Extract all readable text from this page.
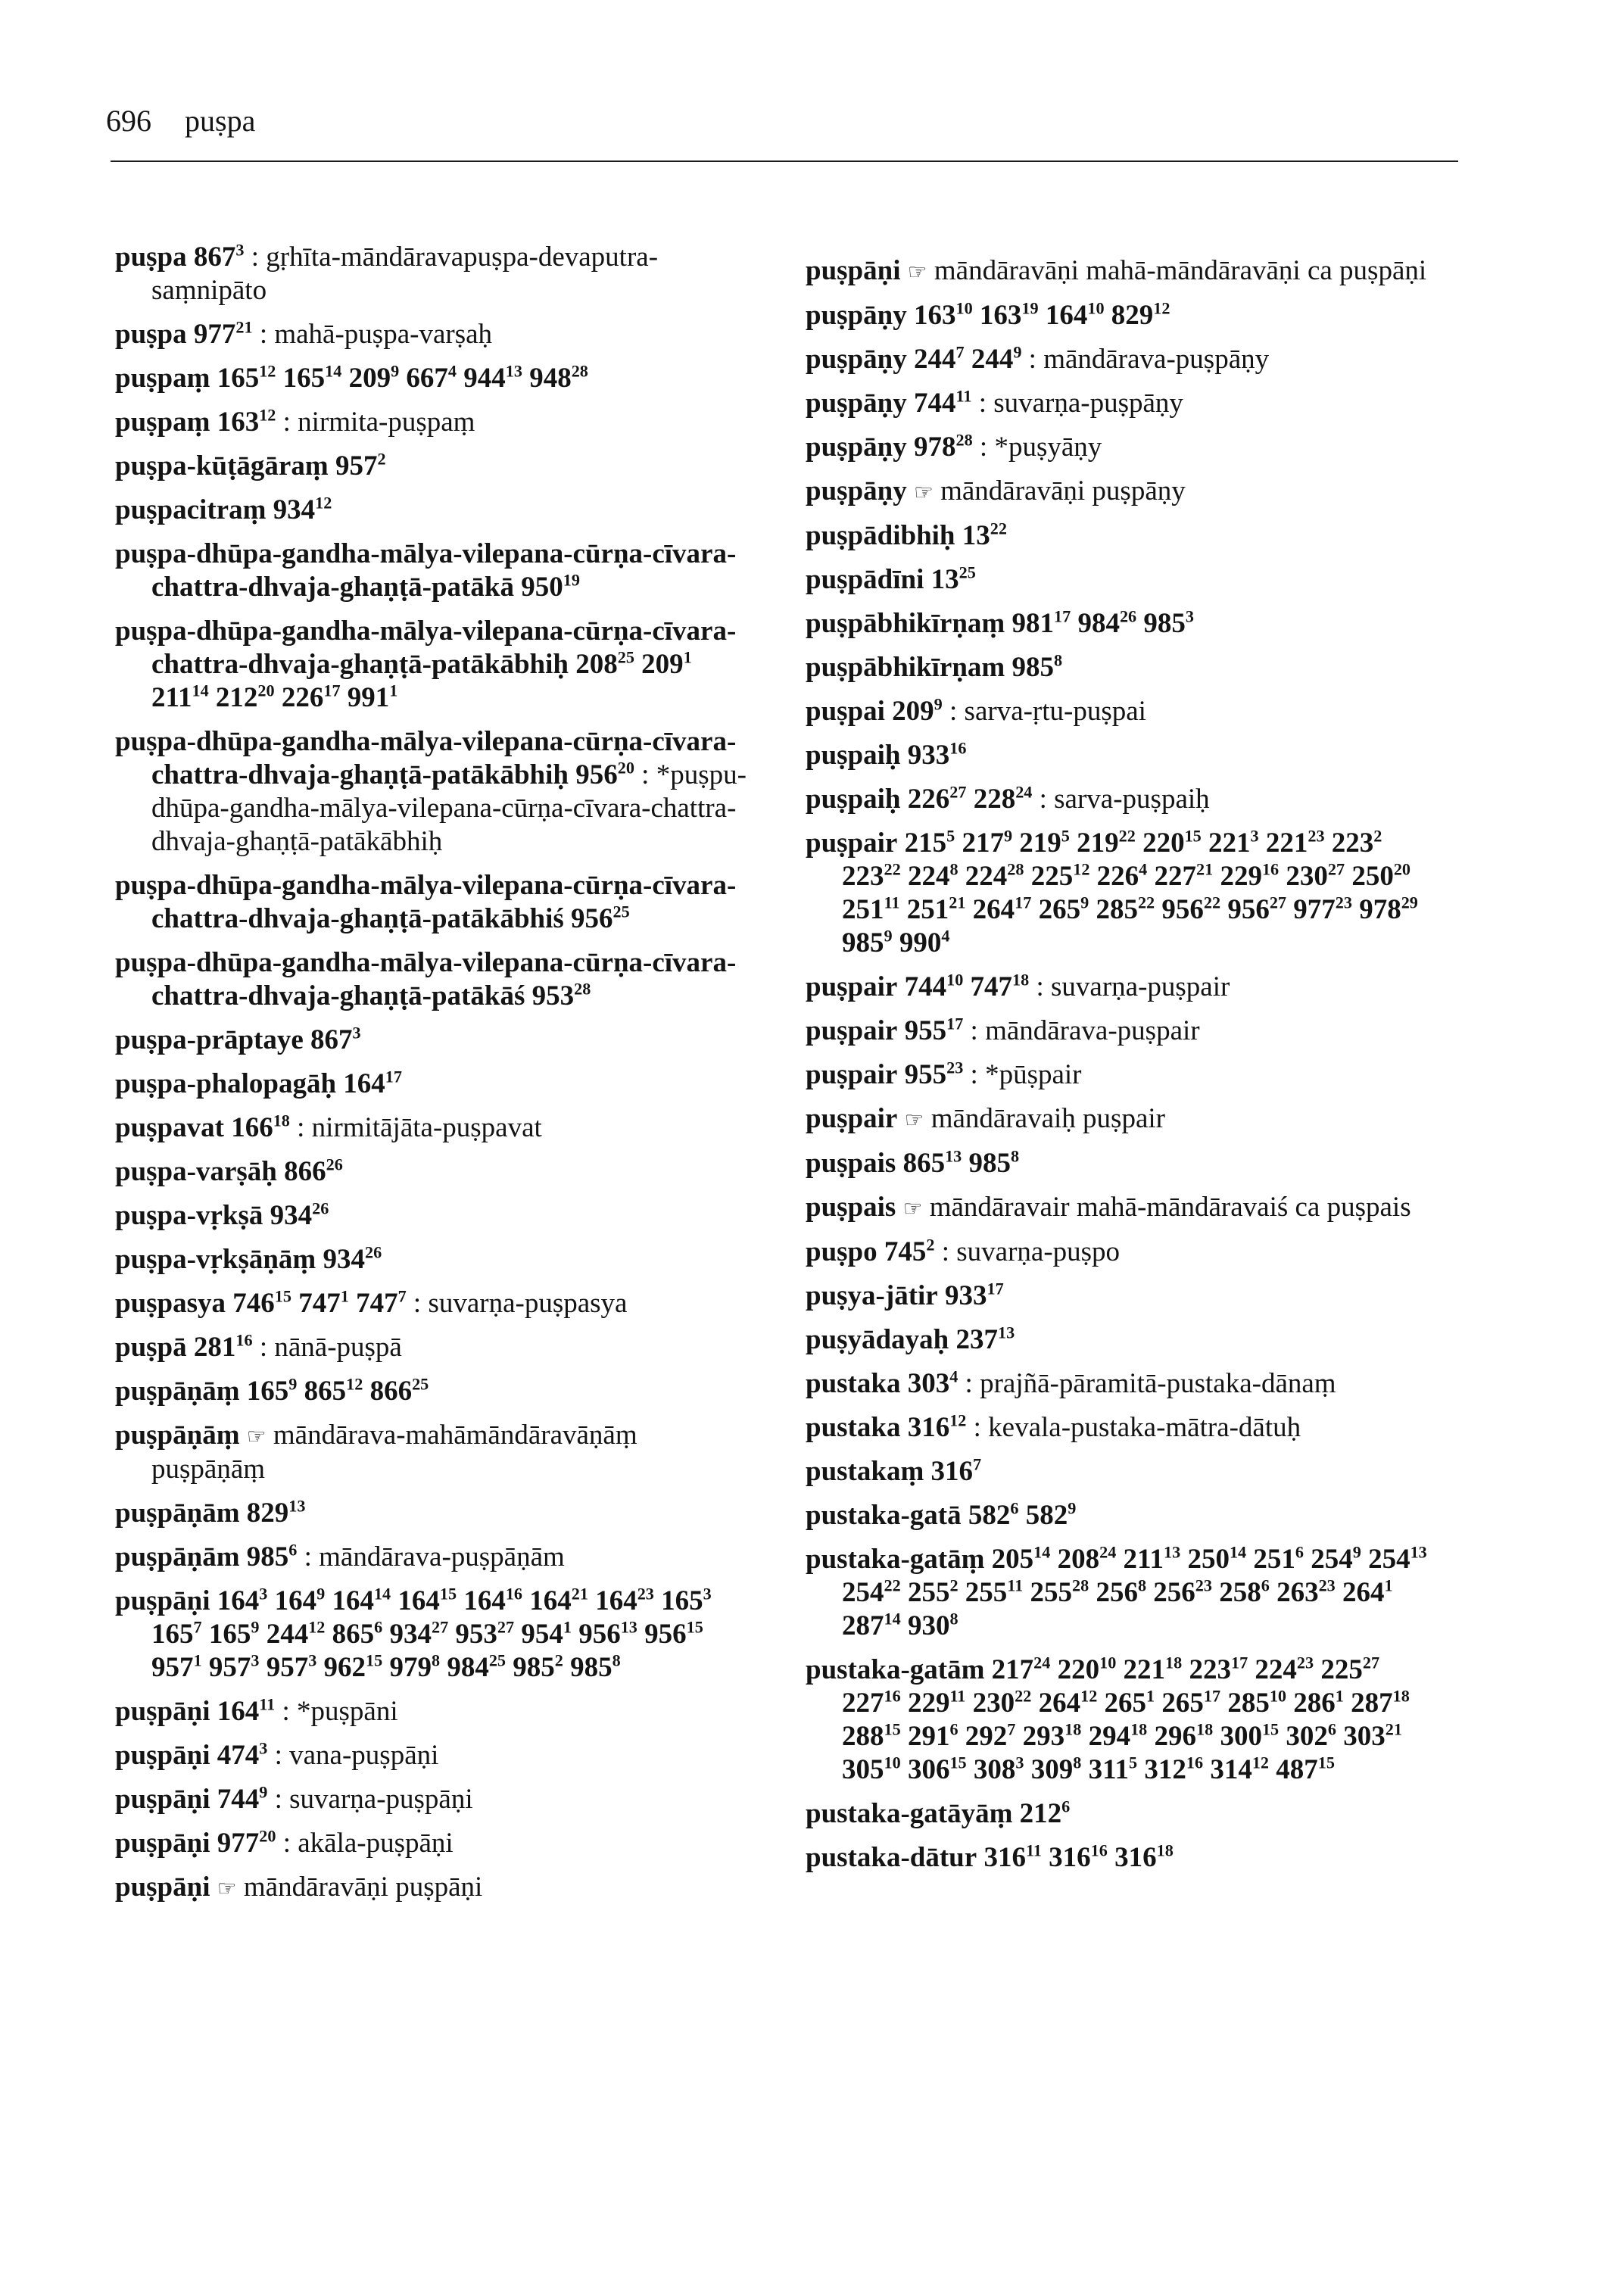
696 puṣpa
puṣpa $867^3$ : gṛhīta-māndāravapuṣpa-devaputra-saṃnipāto
puṣpa $977^{21}$ : mahā-puṣpa-varṣaḥ
puṣpaṃ $165^{12}$ $165^{14}$ $209^9$ $667^4$ $944^{13}$ $948^{28}$
puṣpaṃ $163^{12}$ : nirmita-puṣpaṃ
puṣpa-kūṭāgāraṃ $957^2$
puṣpacitraṃ $934^{12}$
puṣpa-dhūpa-gandha-mālya-vilepana-cūrṇa-cīvara-chattra-dhvaja-ghaṇṭā-patākā $950^{19}$
puṣpa-dhūpa-gandha-mālya-vilepana-cūrṇa-cīvara-chattra-dhvaja-ghaṇṭā-patākābhiḥ $208^{25}$ $209^1$ $211^{14}$ $212^{20}$ $226^{17}$ $991^1$
puṣpa-dhūpa-gandha-mālya-vilepana-cūrṇa-cīvara-chattra-dhvaja-ghaṇṭā-patākābhiḥ $956^{20}$ : *puṣpu-dhūpa-gandha-mālya-vilepana-cūrṇa-cīvara-chattra-dhvaja-ghaṇṭā-patākābhiḥ
puṣpa-dhūpa-gandha-mālya-vilepana-cūrṇa-cīvara-chattra-dhvaja-ghaṇṭā-patākābhiś $956^{25}$
puṣpa-dhūpa-gandha-mālya-vilepana-cūrṇa-cīvara-chattra-dhvaja-ghaṇṭā-patākāś $953^{28}$
puṣpa-prāptaye $867^3$
puṣpa-phalopagāḥ $164^{17}$
puṣpavat $166^{18}$ : nirmitājāta-puṣpavat
puṣpa-varṣāḥ $866^{26}$
puṣpa-vṛkṣā $934^{26}$
puṣpa-vṛkṣāṇāṃ $934^{26}$
puṣpasya $746^{15}$ $747^1$ $747^7$ : suvarṇa-puṣpasya
puṣpā $281^{16}$ : nānā-puṣpā
puṣpāṇāṃ $165^9$ $865^{12}$ $866^{25}$
puṣpāṇāṃ ☞ māndārava-mahāmāndāravāṇāṃ puṣpāṇāṃ
puṣpāṇām $829^{13}$
puṣpāṇām $985^6$ : māndārava-puṣpāṇām
puṣpāṇi $164^3$ $164^9$ $164^{14}$ $164^{15}$ $164^{16}$ $164^{21}$ $164^{23}$ $165^3$ $165^7$ $165^9$ $244^{12}$ $865^6$ $934^{27}$ $953^{27}$ $954^1$ $956^{13}$ $956^{15}$ $957^1$ $957^3$ $957^3$ $962^{15}$ $979^8$ $984^{25}$ $985^2$ $985^8$
puṣpāṇi $164^{11}$ : *puṣpāni
puṣpāṇi $474^3$ : vana-puṣpāṇi
puṣpāṇi $744^9$ : suvarṇa-puṣpāṇi
puṣpāṇi $977^{20}$ : akāla-puṣpāṇi
puṣpāṇi ☞ māndāravāṇi puṣpāṇi
puṣpāṇi ☞ māndāravāṇi mahā-māndāravāṇi ca puṣpāṇi
puṣpāṇy $163^{10}$ $163^{19}$ $164^{10}$ $829^{12}$
puṣpāṇy $244^7$ $244^9$ : māndārava-puṣpāṇy
puṣpāṇy $744^{11}$ : suvarṇa-puṣpāṇy
puṣpāṇy $978^{28}$ : *puṣyāṇy
puṣpāṇy ☞ māndāravāṇi puṣpāṇy
puṣpādibhiḥ $13^{22}$
puṣpādīni $13^{25}$
puṣpābhikīrṇaṃ $981^{17}$ $984^{26}$ $985^3$
puṣpābhikīrṇam $985^8$
puṣpai $209^9$ : sarva-ṛtu-puṣpai
puṣpaiḥ $933^{16}$
puṣpaiḥ $226^{27}$ $228^{24}$ : sarva-puṣpaiḥ
puṣpair $215^5$ $217^9$ $219^5$ $219^{22}$ $220^{15}$ $221^3$ $221^{23}$ $223^2$ $223^{22}$ $224^8$ $224^{28}$ $225^{12}$ $226^4$ $227^{21}$ $229^{16}$ $230^{27}$ $250^{20}$ $251^{11}$ $251^{21}$ $264^{17}$ $265^9$ $285^{22}$ $956^{22}$ $956^{27}$ $977^{23}$ $978^{29}$ $985^9$ $990^4$
puṣpair $744^{10}$ $747^{18}$ : suvarṇa-puṣpair
puṣpair $955^{17}$ : māndārava-puṣpair
puṣpair $955^{23}$ : *pūṣpair
puṣpair ☞ māndāravaiḥ puṣpair
puṣpais $865^{13}$ $985^8$
puṣpais ☞ māndāravair mahā-māndāravaiś ca puṣpais
puṣpo $745^2$ : suvarṇa-puṣpo
puṣya-jātir $933^{17}$
puṣyādayaḥ $237^{13}$
pustaka $303^4$ : prajñā-pāramitā-pustaka-dānaṃ
pustaka $316^{12}$ : kevala-pustaka-mātra-dātuḥ
pustakaṃ $316^7$
pustaka-gatā $582^6$ $582^9$
pustaka-gatāṃ $205^{14}$ $208^{24}$ $211^{13}$ $250^{14}$ $251^6$ $254^9$ $254^{13}$ $254^{22}$ $255^2$ $255^{11}$ $255^{28}$ $256^8$ $256^{23}$ $258^6$ $263^{23}$ $264^1$ $287^{14}$ $930^8$
pustaka-gatām $217^{24}$ $220^{10}$ $221^{18}$ $223^{17}$ $224^{23}$ $225^{27}$ $227^{16}$ $229^{11}$ $230^{22}$ $264^{12}$ $265^1$ $265^{17}$ $285^{10}$ $286^1$ $287^{18}$ $288^{15}$ $291^6$ $292^7$ $293^{18}$ $294^{18}$ $296^{18}$ $300^{15}$ $302^6$ $303^{21}$ $305^{10}$ $306^{15}$ $308^3$ $309^8$ $311^5$ $312^{16}$ $314^{12}$ $487^{15}$
pustaka-gatāyāṃ $212^6$
pustaka-dātur $316^{11}$ $316^{16}$ $316^{18}$
